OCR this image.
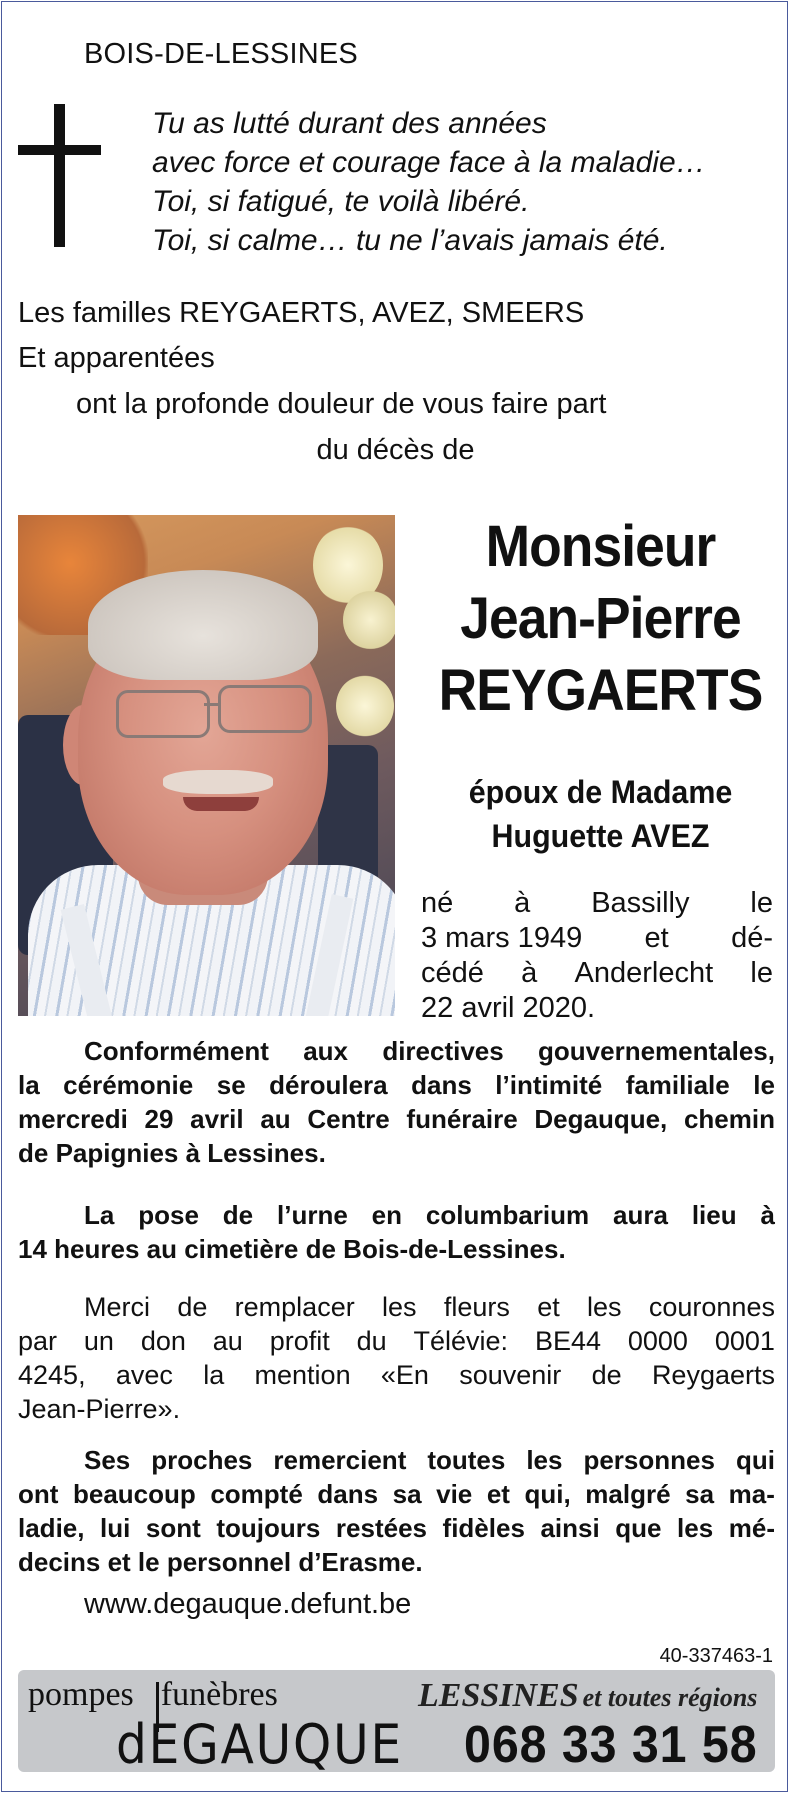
BOIS-DE-LESSINES
Tu as lutté durant des années
avec force et courage face à la maladie…
Toi, si fatigué, te voilà libéré.
Toi, si calme… tu ne l’avais jamais été.
Les familles REYGAERTS, AVEZ, SMEERS
Et apparentées
ont la profonde douleur de vous faire part
du décès de
Monsieur
Jean-Pierre
REYGAERTS
époux de Madame
Huguette AVEZ
né à Bassilly le
3 mars 1949 et dé-
cédé à Anderlecht le
22 avril 2020.
Conformément aux directives gouvernementales,
la cérémonie se déroulera dans l’intimité familiale le
mercredi 29 avril au Centre funéraire Degauque, chemin
de Papignies à Lessines.
La pose de l’urne en columbarium aura lieu à
14 heures au cimetière de Bois-de-Lessines.
Merci de remplacer les fleurs et les couronnes
par un don au profit du Télévie: BE44 0000 0001
4245, avec la mention «En souvenir de Reygaerts
Jean-Pierre».
Ses proches remercient toutes les personnes qui
ont beaucoup compté dans sa vie et qui, malgré sa ma-
ladie, lui sont toujours restées fidèles ainsi que les mé-
decins et le personnel d’Erasme.
www.degauque.defunt.be
40-337463-1
pompes funèbres
dEGAUQUE
LESSINES et toutes régions
068 33 31 58
